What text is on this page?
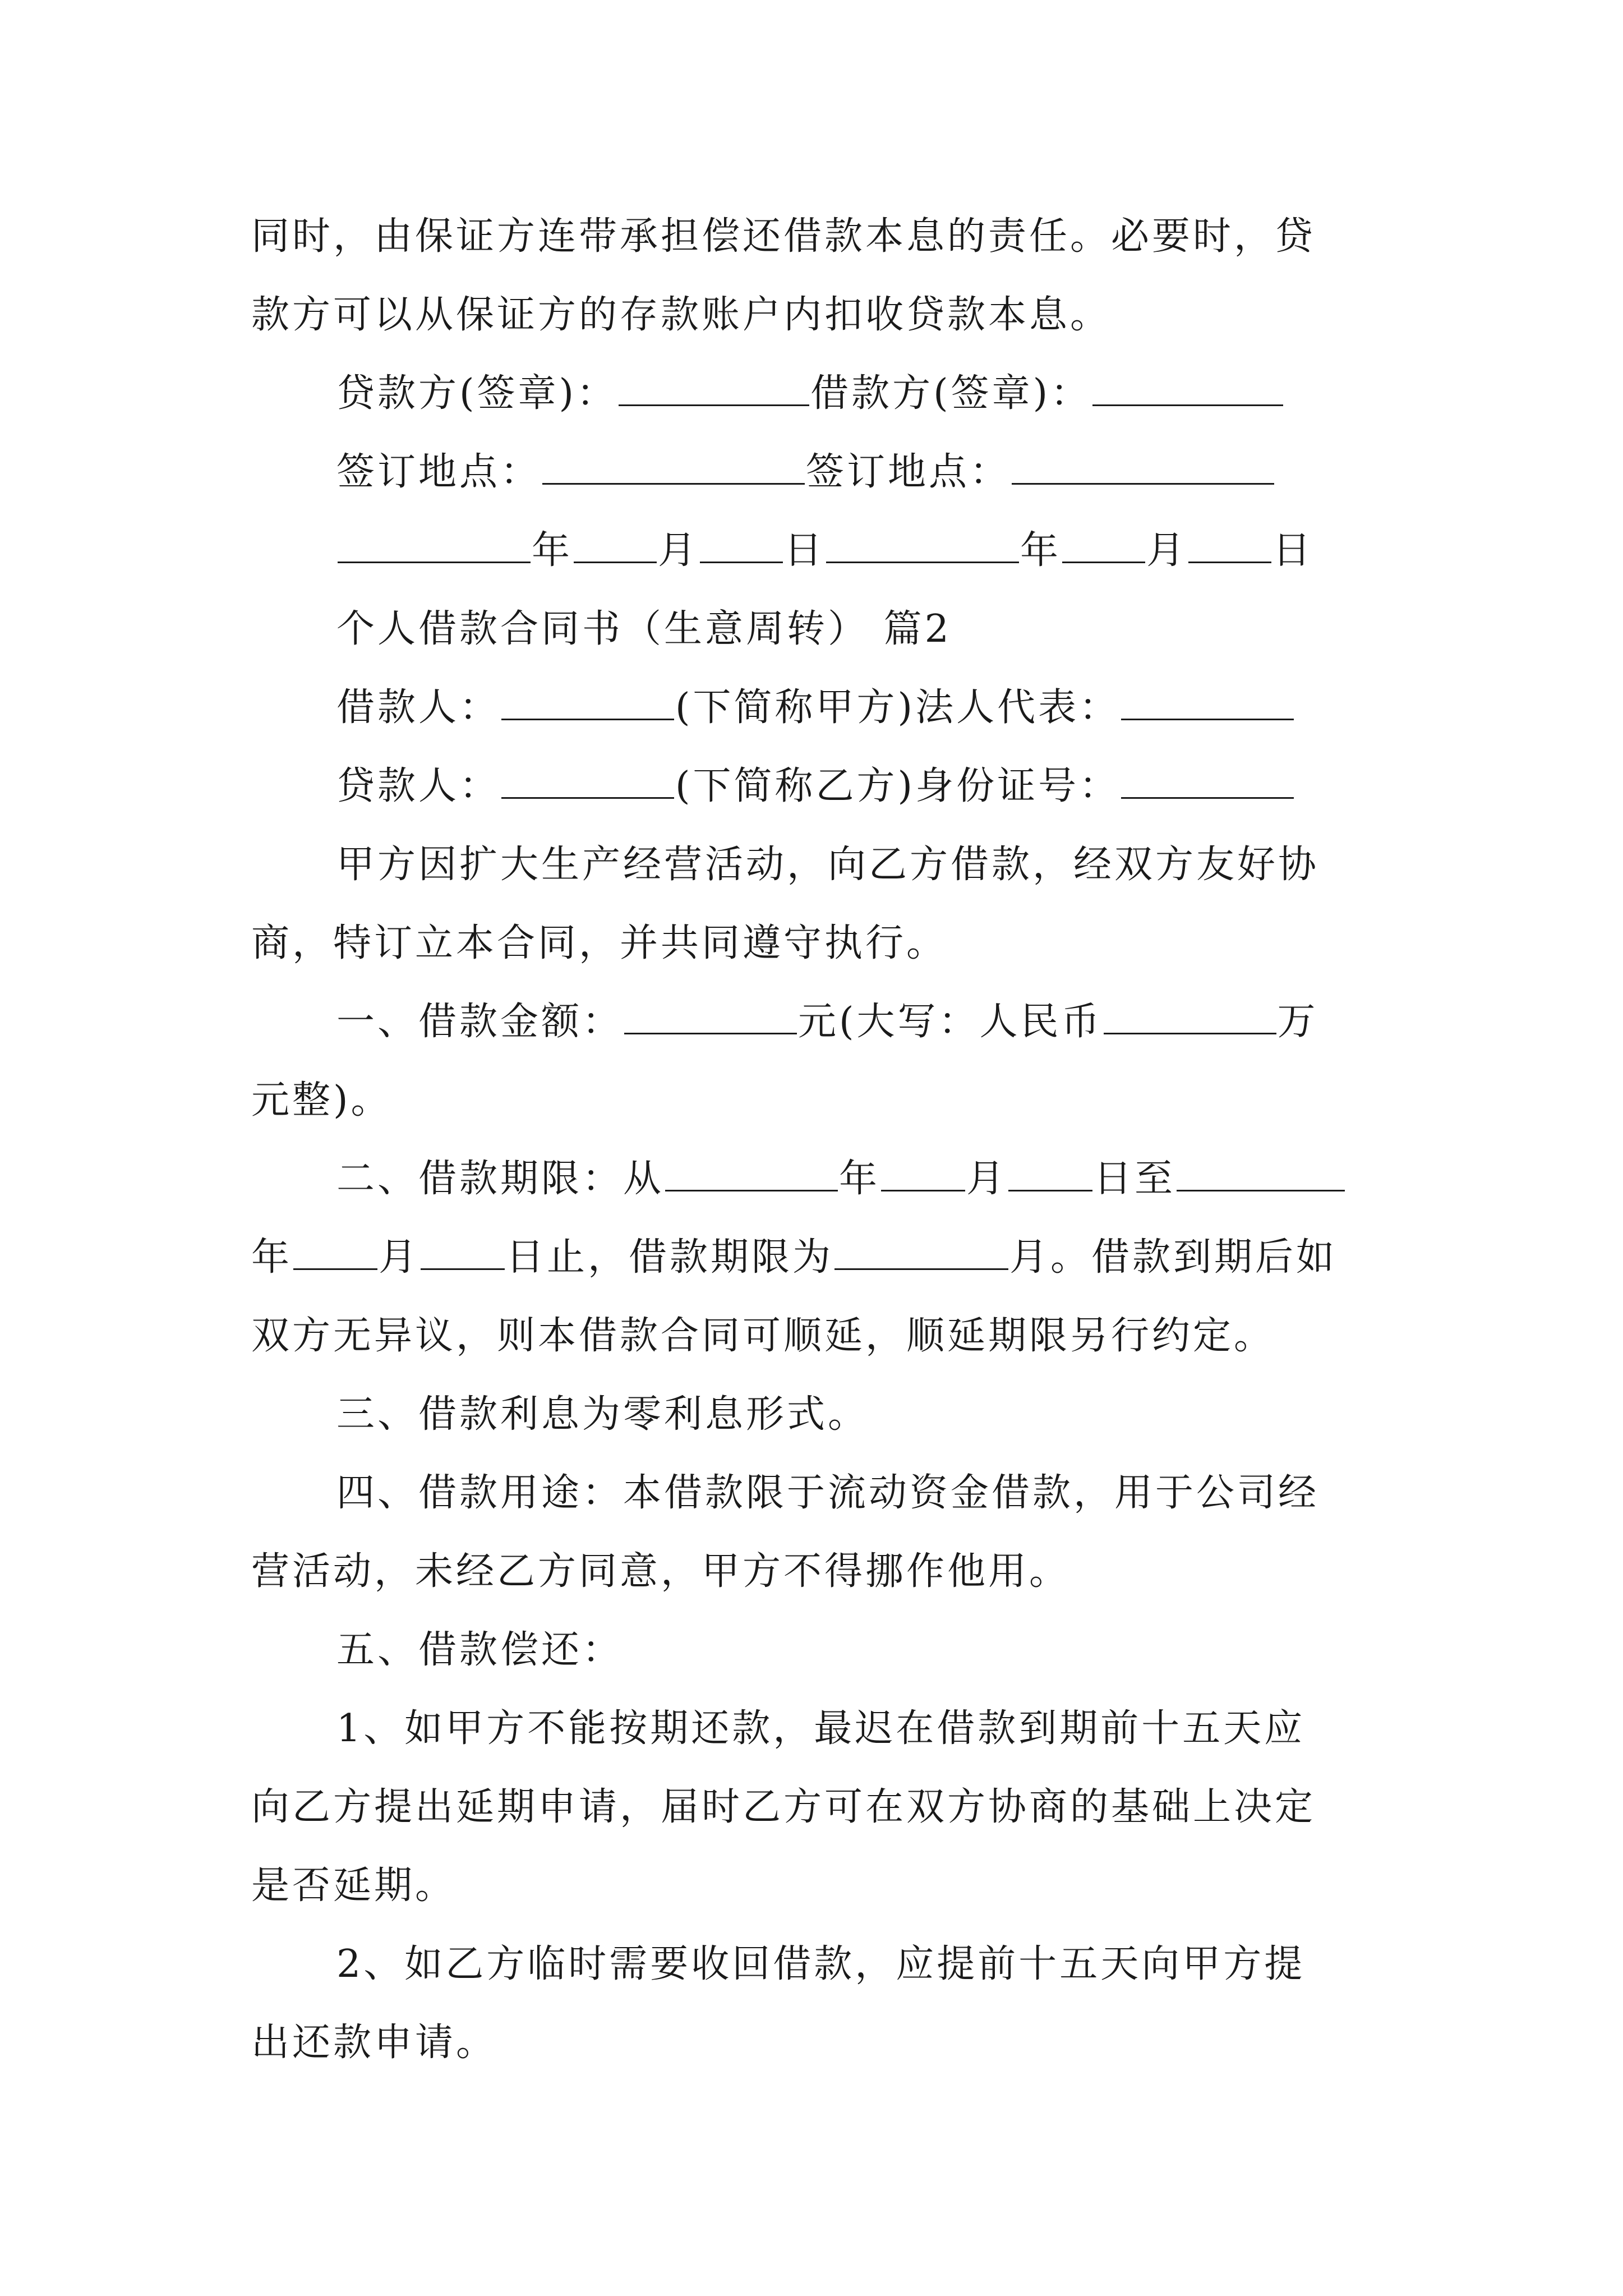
同时，由保证方连带承担偿还借款本息的责任。必要时，贷
款方可以从保证方的存款账户内扣收贷款本息。
贷款方(签章)：	借款方(签章)：
签订地点：	签订地点：
年 月 日	年 月 日
个人借款合同书（生意周转） 篇2
借款人：	(下简称甲方)法人代表：
贷款人：	(下简称乙方)身份证号：
甲方因扩大生产经营活动，向乙方借款，经双方友好协
商，特订立本合同，并共同遵守执行。
一、借款金额：	元(大写：人民币	万
元整)。
二、借款期限：从	年 月 日至
年 月 日止，借款期限为	月。借款到期后如
双方无异议，则本借款合同可顺延，顺延期限另行约定。
三、借款利息为零利息形式。
四、借款用途：本借款限于流动资金借款，用于公司经
营活动，未经乙方同意，甲方不得挪作他用。
五、借款偿还：
1、如甲方不能按期还款，最迟在借款到期前十五天应
向乙方提出延期申请，届时乙方可在双方协商的基础上决定
是否延期。
2、如乙方临时需要收回借款，应提前十五天向甲方提
出还款申请。
